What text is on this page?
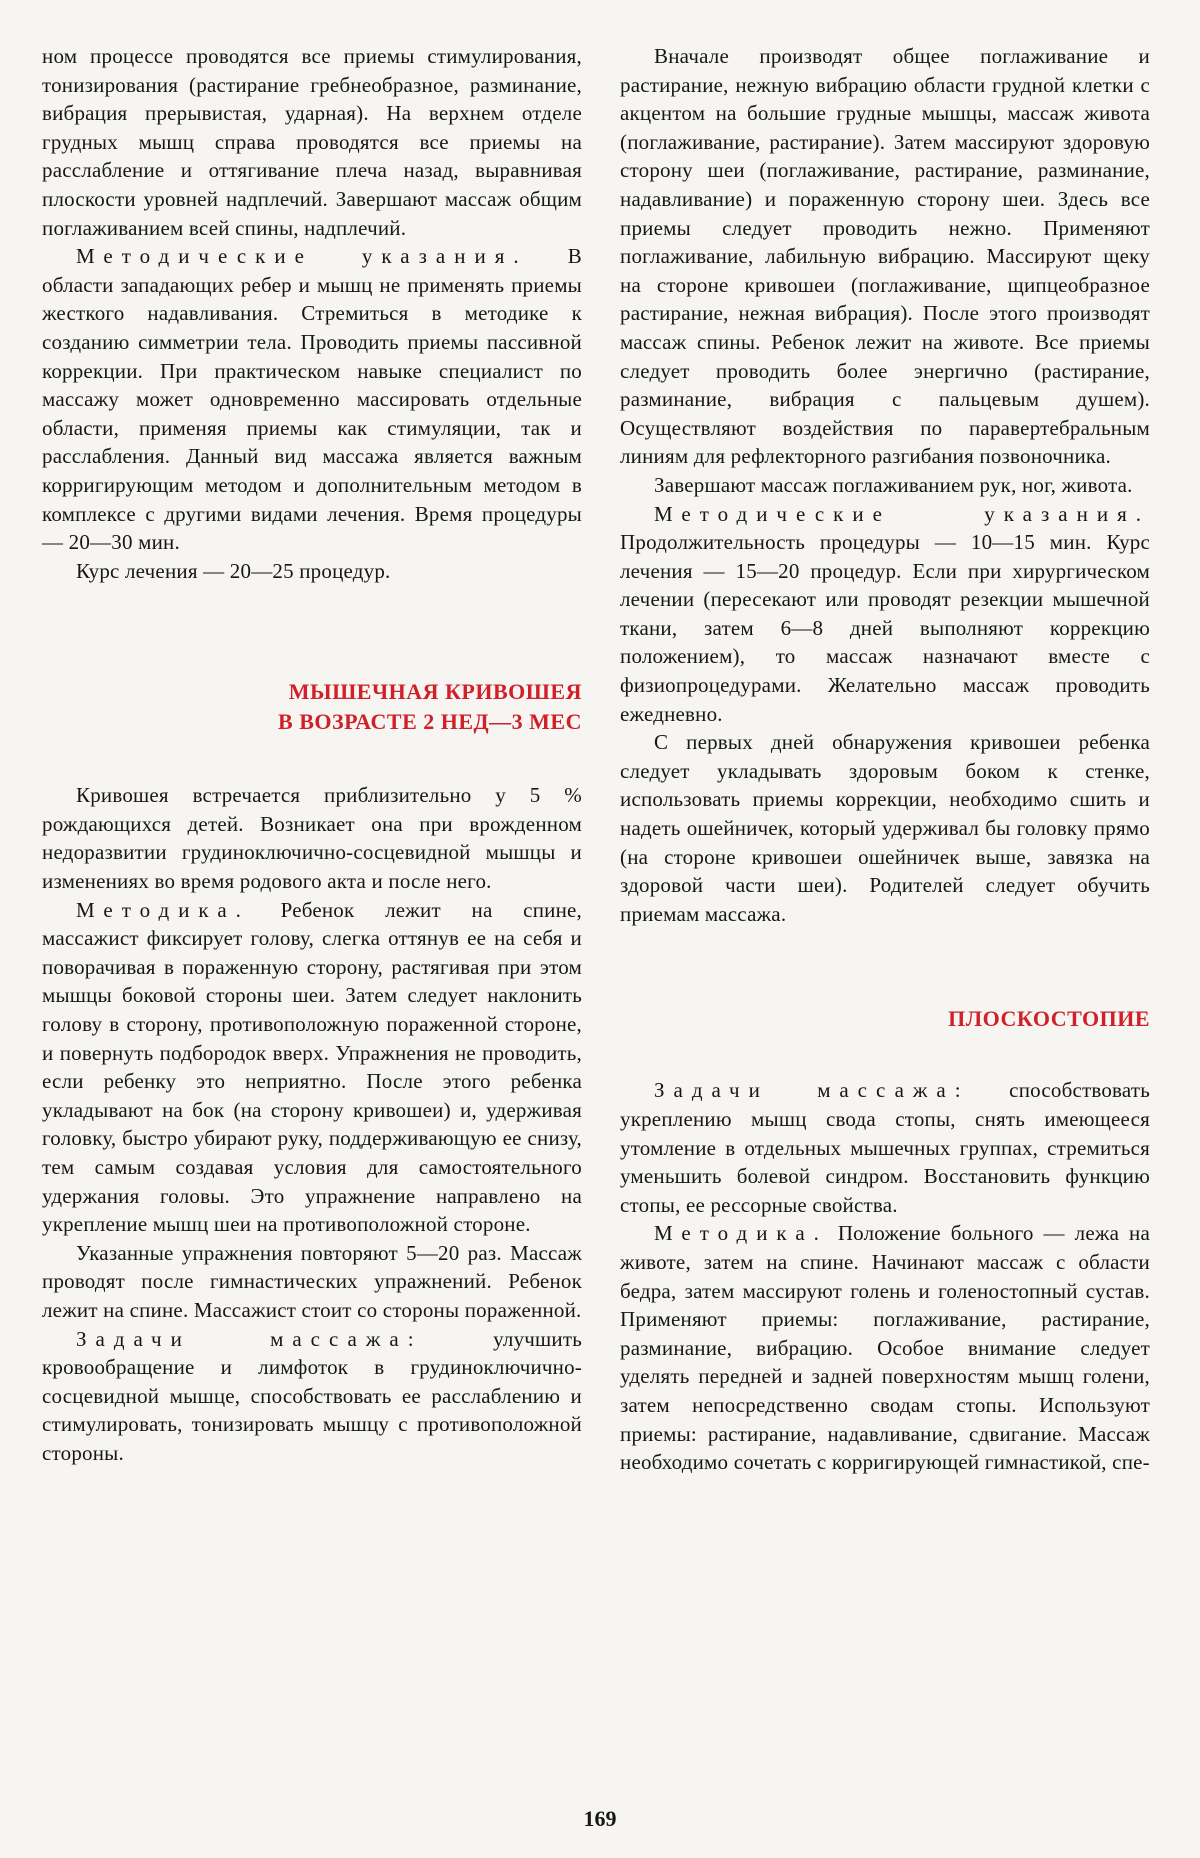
ном процессе проводятся все приемы стимулирования, тонизирования (растирание гребнеобразное, разминание, вибрация прерывистая, ударная). На верхнем отделе грудных мышц справа проводятся все приемы на расслабление и оттягивание плеча назад, выравнивая плоскости уровней надплечий. Завершают массаж общим поглаживанием всей спины, надплечий.

Методические указания. В области западающих ребер и мышц не применять приемы жесткого надавливания. Стремиться в методике к созданию симметрии тела. Проводить приемы пассивной коррекции. При практическом навыке специалист по массажу может одновременно массировать отдельные области, применяя приемы как стимуляции, так и расслабления. Данный вид массажа является важным корригирующим методом и дополнительным методом в комплексе с другими видами лечения. Время процедуры — 20—30 мин.

Курс лечения — 20—25 процедур.

МЫШЕЧНАЯ КРИВОШЕЯ
В ВОЗРАСТЕ 2 НЕД—3 МЕС

Кривошея встречается приблизительно у 5 % рождающихся детей. Возникает она при врожденном недоразвитии грудиноключично-сосцевидной мышцы и изменениях во время родового акта и после него.

Методика. Ребенок лежит на спине, массажист фиксирует голову, слегка оттянув ее на себя и поворачивая в пораженную сторону, растягивая при этом мышцы боковой стороны шеи. Затем следует наклонить голову в сторону, противоположную пораженной стороне, и повернуть подбородок вверх. Упражнения не проводить, если ребенку это неприятно. После этого ребенка укладывают на бок (на сторону кривошеи) и, удерживая головку, быстро убирают руку, поддерживающую ее снизу, тем самым создавая условия для самостоятельного удержания головы. Это упражнение направлено на укрепление мышц шеи на противоположной стороне.

Указанные упражнения повторяют 5—20 раз. Массаж проводят после гимнастических упражнений. Ребенок лежит на спине. Массажист стоит со стороны пораженной.

Задачи массажа: улучшить кровообращение и лимфоток в грудиноключично-сосцевидной мышце, способствовать ее расслаблению и стимулировать, тонизировать мышцу с противоположной стороны.

Вначале производят общее поглаживание и растирание, нежную вибрацию области грудной клетки с акцентом на большие грудные мышцы, массаж живота (поглаживание, растирание). Затем массируют здоровую сторону шеи (поглаживание, растирание, разминание, надавливание) и пораженную сторону шеи. Здесь все приемы следует проводить нежно. Применяют поглаживание, лабильную вибрацию. Массируют щеку на стороне кривошеи (поглаживание, щипцеобразное растирание, нежная вибрация). После этого производят массаж спины. Ребенок лежит на животе. Все приемы следует проводить более энергично (растирание, разминание, вибрация с пальцевым душем). Осуществляют воздействия по паравертебральным линиям для рефлекторного разгибания позвоночника.

Завершают массаж поглаживанием рук, ног, живота.

Методические указания. Продолжительность процедуры — 10—15 мин. Курс лечения — 15—20 процедур. Если при хирургическом лечении (пересекают или проводят резекции мышечной ткани, затем 6—8 дней выполняют коррекцию положением), то массаж назначают вместе с физиопроцедурами. Желательно массаж проводить ежедневно.

С первых дней обнаружения кривошеи ребенка следует укладывать здоровым боком к стенке, использовать приемы коррекции, необходимо сшить и надеть ошейничек, который удерживал бы головку прямо (на стороне кривошеи ошейничек выше, завязка на здоровой части шеи). Родителей следует обучить приемам массажа.

ПЛОСКОСТОПИЕ

Задачи массажа: способствовать укреплению мышц свода стопы, снять имеющееся утомление в отдельных мышечных группах, стремиться уменьшить болевой синдром. Восстановить функцию стопы, ее рессорные свойства.

Методика. Положение больного — лежа на животе, затем на спине. Начинают массаж с области бедра, затем массируют голень и голеностопный сустав. Применяют приемы: поглаживание, растирание, разминание, вибрацию. Особое внимание следует уделять передней и задней поверхностям мышц голени, затем непосредственно сводам стопы. Используют приемы: растирание, надавливание, сдвигание. Массаж необходимо сочетать с корригирующей гимнастикой, спе-

169
